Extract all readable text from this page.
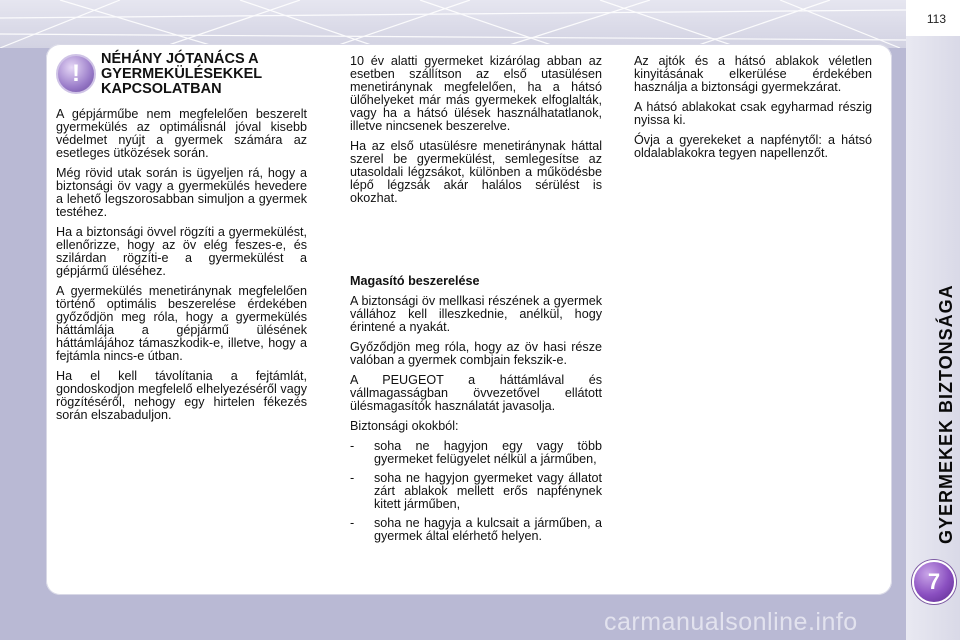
113
GYERMEKEK BIZTONSÁGA
7
!
NÉHÁNY JÓTANÁCS A GYERMEKÜLÉSEKKEL KAPCSOLATBAN

A gépjárműbe nem megfelelően beszerelt gyermekülés az optimálisnál jóval kisebb védelmet nyújt a gyermek számára az esetleges ütközések során.

Még rövid utak során is ügyeljen rá, hogy a biztonsági öv vagy a gyermekülés hevedere a lehető legszorosabban simuljon a gyermek testéhez.

Ha a biztonsági övvel rögzíti a gyermekülést, ellenőrizze, hogy az öv elég feszes-e, és szilárdan rögzíti-e a gyermekülést a gépjármű üléséhez.

A gyermekülés menetiránynak megfelelően történő optimális beszerelése érdekében győződjön meg róla, hogy a gyermekülés háttámlája a gépjármű ülésének háttámlájához támaszkodik-e, illetve, hogy a fejtámla nincs-e útban.

Ha el kell távolítania a fejtámlát, gondoskodjon megfelelő elhelyezéséről vagy rögzítéséről, nehogy egy hirtelen fékezés során elszabaduljon.

10 év alatti gyermeket kizárólag abban az esetben szállítson az első utasülésen menetiránynak megfelelően, ha a hátsó ülőhelyeket már más gyermekek elfoglalták, vagy ha a hátsó ülések használhatatlanok, illetve nincsenek beszerelve.

Ha az első utasülésre menetiránynak háttal szerel be gyermekülést, semlegesítse az utasoldali légzsákot, különben a működésbe lépő légzsák akár halálos sérülést is okozhat.

Magasító beszerelése

A biztonsági öv mellkasi részének a gyermek vállához kell illeszkednie, anélkül, hogy érintené a nyakát.

Győződjön meg róla, hogy az öv hasi része valóban a gyermek combjain fekszik-e.

A PEUGEOT a háttámlával és vállmagasságban övvezetővel ellátott ülésmagasítók használatát javasolja.

Biztonsági okokból:

-	soha ne hagyjon egy vagy több gyermeket felügyelet nélkül a járműben,
-	soha ne hagyjon gyermeket vagy állatot zárt ablakok mellett erős napfénynek kitett járműben,
-	soha ne hagyja a kulcsait a járműben, a gyermek által elérhető helyen.

Az ajtók és a hátsó ablakok véletlen kinyitásának elkerülése érdekében használja a biztonsági gyermekzárat.

A hátsó ablakokat csak egyharmad részig nyissa ki.

Óvja a gyerekeket a napfénytől: a hátsó oldalablakokra tegyen napellenzőt.

carmanualsonline.info
